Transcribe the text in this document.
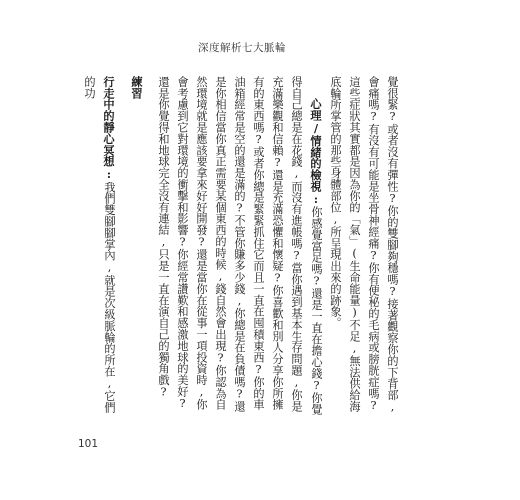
深度解析七大脈輪

覺很緊?或者沒有彈性?你的雙腳夠穩嗎?接著觀察你的下背部,會痛嗎?有沒有可能是坐骨神經痛?你有便秘的毛病或膀胱症嗎?這些症狀其實都是因為你的「氣」(生命能量)不足,無法供給海底輪所掌管的那些身體部位,所呈現出來的跡象。

心理/情緒的檢視:你感覺富足嗎?還是一直在擔心錢?你覺得自己總是在花錢,而沒有進帳嗎?當你遇到基本生存問題,你是充滿樂觀和信賴?還是充滿恐懼和懷疑?你喜歡和別人分享你所擁有的東西嗎?或者你總是緊緊抓住它而且一直在囤積東西?你的車油箱經常是空的還是滿的?不管你賺多少錢,你總是在負債嗎?還是你相信當你真正需要某個東西的時候,錢自然會出現?你認為自然環境就是應該要拿來好好開發?還是當你在從事一項投資時,你會考慮到它對環境的衝擊和影響?你經常讚歎和感激地球的美好?還是你覺得和地球完全沒有連結,只是一直在演自己的獨角戲?

練習

行走中的靜心冥想:我們雙腳腳掌內,就是次級脈輪的所在,它們的功

101
